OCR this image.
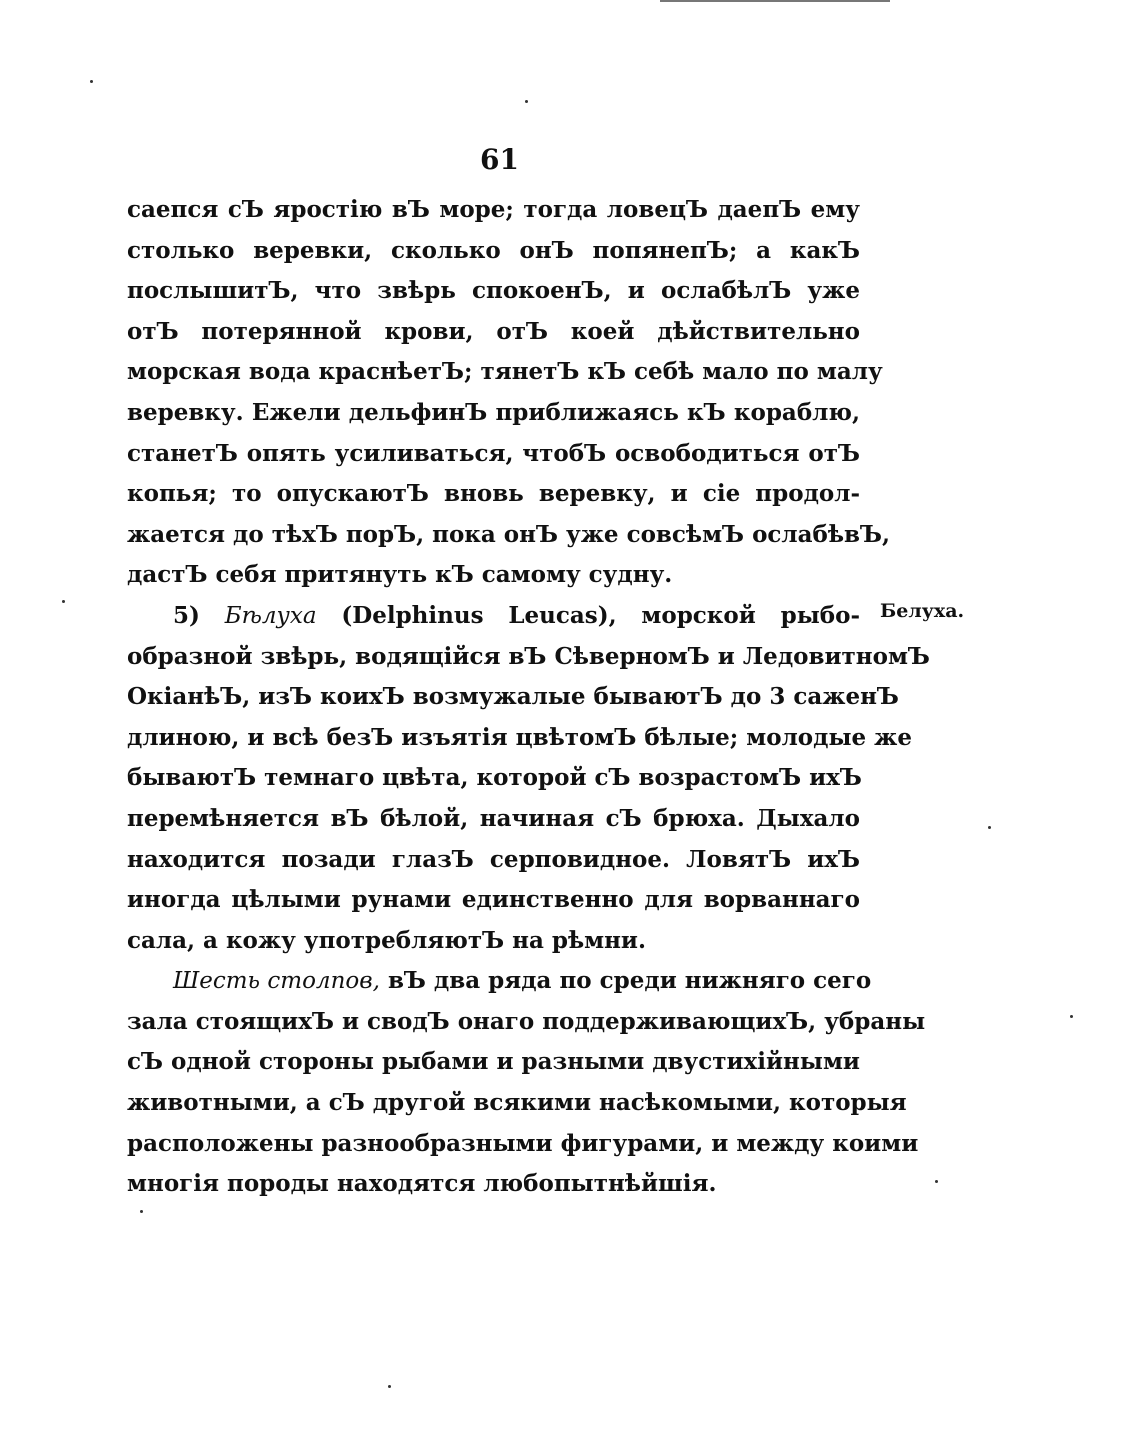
61
саепся сЪ яростію вЪ море; тогда ловецЪ даепЪ ему
столько веревки, сколько онЪ попянепЪ; а какЪ
послышитЪ, что звѣрь спокоенЪ, и ослабѣлЪ уже
отЪ потерянной крови, отЪ коей дѣйствительно
морская вода краснѣетЪ; тянетЪ кЪ себѣ мало по малу
веревку. Ежели дельфинЪ приближаясь кЪ кораблю,
станетЪ опять усиливаться, чтобЪ освободиться отЪ
копья; то опускаютЪ вновь веревку, и сіе продол-
жается до тѣхЪ порЪ, пока онЪ уже совсѣмЪ ослабѣвЪ,
дастЪ себя притянуть кЪ самому судну.
5) Бѣлуха (Delphinus Leucas), морской рыбо-
образной звѣрь, водящійся вЪ СѣверномЪ и ЛедовитномЪ
ОкіанѣЪ, изЪ коихЪ возмужалые бываютЪ до 3 саженЪ
длиною, и всѣ безЪ изъятія цвѣтомЪ бѣлые; молодые же
бываютЪ темнаго цвѣта, которой сЪ возрастомЪ ихЪ
перемѣняется вЪ бѣлой, начиная сЪ брюха. Дыхало
находится позади глазЪ серповидное. ЛовятЪ ихЪ
иногда цѣлыми рунами единственно для ворваннаго
сала, а кожу употребляютЪ на рѣмни.
Шесть столпов, вЪ два ряда по среди нижняго сего
зала стоящихЪ и сводЪ онаго поддерживающихЪ, убраны
сЪ одной стороны рыбами и разными двустихійными
животными, а сЪ другой всякими насѣкомыми, которыя
расположены разнообразными фигурами, и между коими
многія породы находятся любопытнѣйшія.
Белуха.
